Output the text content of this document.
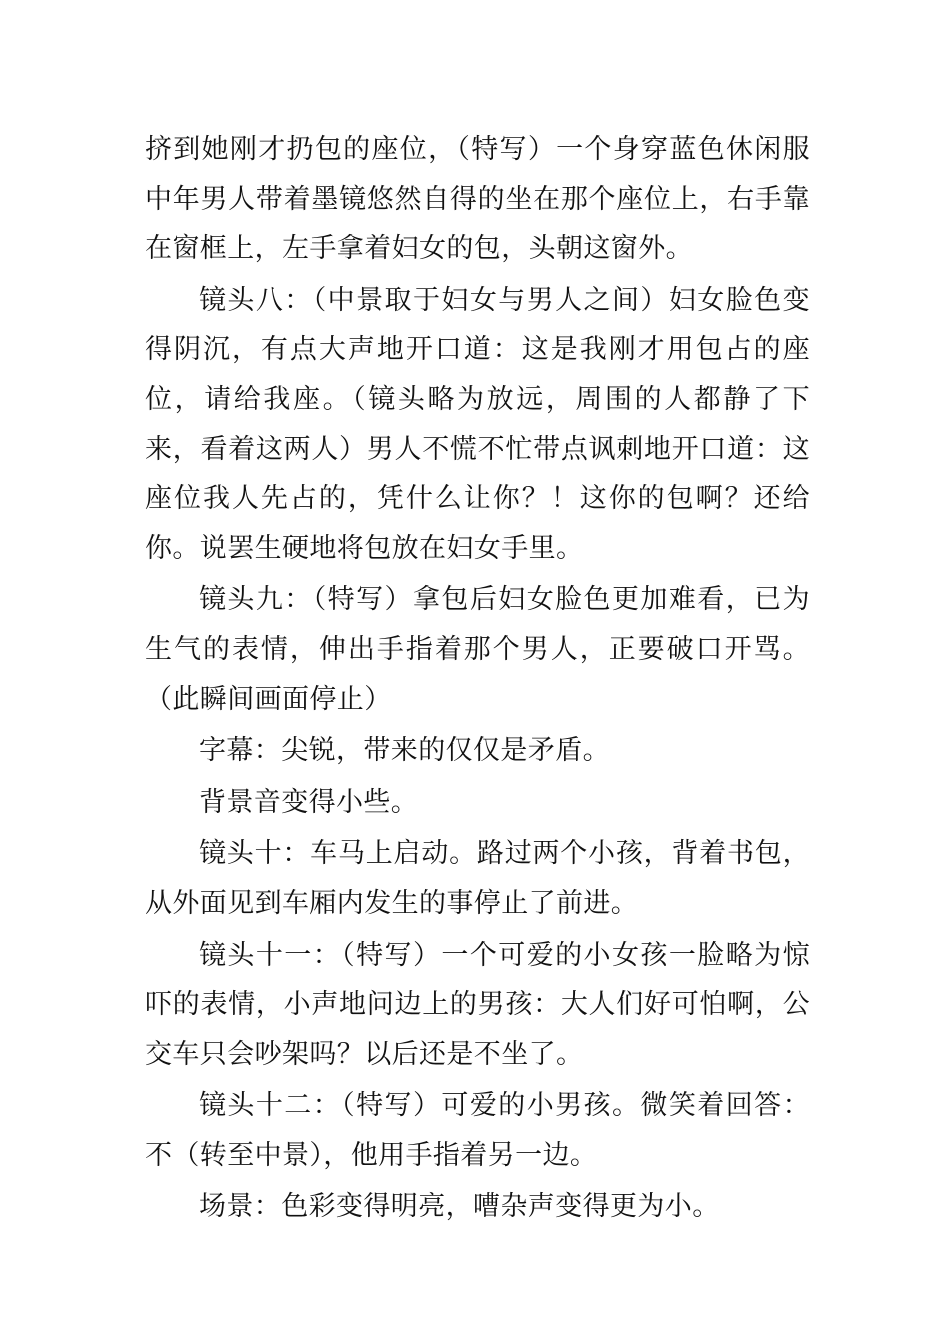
挤到她刚才扔包的座位，（特写）一个身穿蓝色休闲服中年男人带着墨镜悠然自得的坐在那个座位上，右手靠在窗框上，左手拿着妇女的包，头朝这窗外。

镜头八：（中景取于妇女与男人之间）妇女脸色变得阴沉，有点大声地开口道：这是我刚才用包占的座位，请给我座。（镜头略为放远，周围的人都静了下来，看着这两人）男人不慌不忙带点讽刺地开口道：这座位我人先占的，凭什么让你？！这你的包啊？还给你。说罢生硬地将包放在妇女手里。

镜头九：（特写）拿包后妇女脸色更加难看，已为生气的表情，伸出手指着那个男人，正要破口开骂。（此瞬间画面停止）

字幕：尖锐，带来的仅仅是矛盾。

背景音变得小些。

镜头十：车马上启动。路过两个小孩，背着书包，从外面见到车厢内发生的事停止了前进。

镜头十一：（特写）一个可爱的小女孩一脸略为惊吓的表情，小声地问边上的男孩：大人们好可怕啊，公交车只会吵架吗？以后还是不坐了。

镜头十二：（特写）可爱的小男孩。微笑着回答：不（转至中景），他用手指着另一边。

场景：色彩变得明亮，嘈杂声变得更为小。
